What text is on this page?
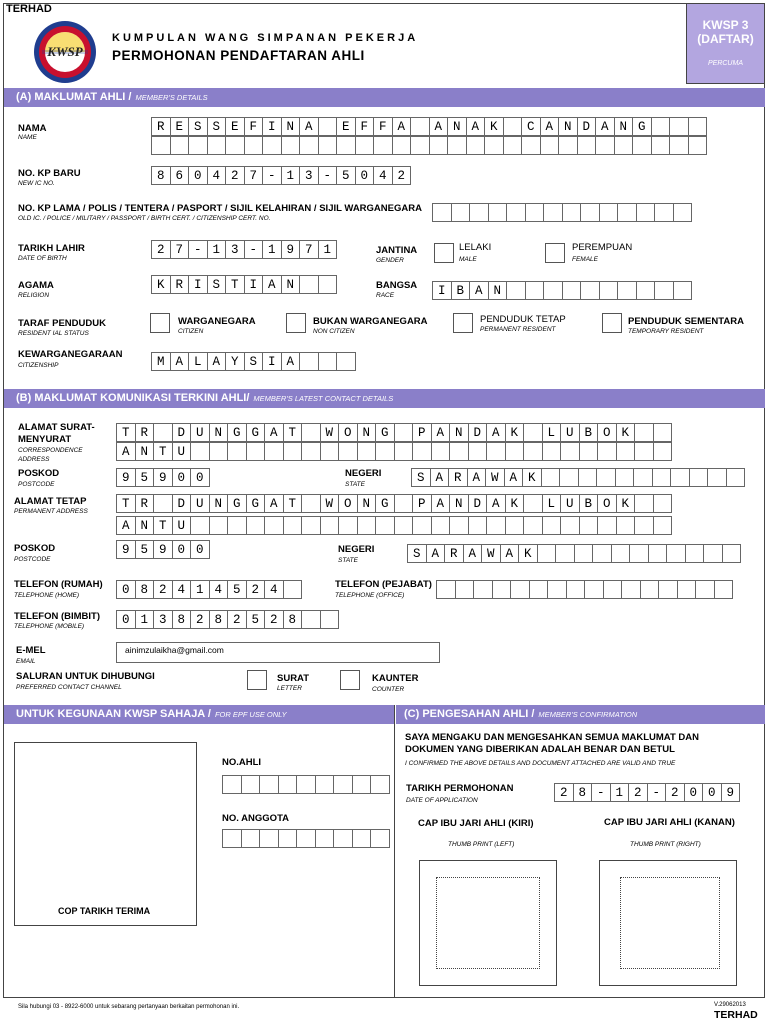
TERHAD
KWSP
KUMPULAN WANG SIMPANAN PEKERJA
PERMOHONAN PENDAFTARAN AHLI
KWSP 3
(DAFTAR)
PERCUMA
(A) MAKLUMAT AHLI / MEMBER'S DETAILS
NAMA
NAME
R E S S E F I N A	E F F A	A N A K	C A N D A N G
NO. KP BARU
NEW IC NO.
8 6 0 4 2 7 - 1 3 - 5 0 4 2
NO. KP LAMA / POLIS / TENTERA / PASPORT / SIJIL KELAHIRAN / SIJIL WARGANEGARA
OLD IC. / POLICE / MILITARY / PASSPORT / BIRTH CERT. / CITIZENSHIP CERT. NO.
TARIKH LAHIR
DATE OF BIRTH
2 7 - 1 3 - 1 9 7 1	JANTINA
GENDER
LELAKI
MALE
PEREMPUAN
FEMALE
AGAMA
RELIGION
K R I S T I A N	BANGSA
RACE	I B A N
TARAF PENDUDUK
RESIDENT IAL STATUS
WARGANEGARA
CITIZEN
BUKAN WARGANEGARA
NON CITIZEN
PENDUDUK TETAP
PERMANENT RESIDENT
PENDUDUK SEMENTARA
TEMPORARY RESIDENT
KEWARGANEGARAAN
CITIZENSHIP	M A L A Y S I A
(B) MAKLUMAT KOMUNIKASI TERKINI AHLI/ MEMBER'S LATEST CONTACT DETAILS
ALAMAT SURAT-
MENYURAT
CORRESPONDENCE
ADDRESS
T R	D U N G G A T	W O N G	P A N D A K	L U B O K
A N T U
POSKOD
POSTCODE	9 5 9 0 0	NEGERI
STATE	S A R A W A K
ALAMAT TETAP
PERMANENT ADDRESS
T R	D U N G G A T	W O N G	P A N D A K	L U B O K
A N T U
POSKOD
POSTCODE
9 5 9 0 0	NEGERI
STATE	S A R A W A K
TELEFON (RUMAH)
TELEPHONE (HOME)	0 8 2 4 1 4 5 2 4	TELEFON (PEJABAT)
TELEPHONE (OFFICE)
TELEFON (BIMBIT)
TELEPHONE (MOBILE)	0 1 3 8 2 8 2 5 2 8
E-MEL
EMAIL
ainimzulaikha@gmail.com
SALURAN UNTUK DIHUBUNGI
PREFERRED CONTACT CHANNEL
SURAT
LETTER
KAUNTER
COUNTER
UNTUK KEGUNAAN KWSP SAHAJA / FOR EPF USE ONLY	(C) PENGESAHAN AHLI / MEMBER'S CONFIRMATION
COP TARIKH TERIMA
NO.AHLI
NO. ANGGOTA
SAYA MENGAKU DAN MENGESAHKAN SEMUA MAKLUMAT DAN
DOKUMEN YANG DIBERIKAN ADALAH BENAR DAN BETUL
I CONFIRMED THE ABOVE DETAILS AND DOCUMENT ATTACHED ARE VALID AND TRUE
TARIKH PERMOHONAN
DATE OF APPLICATION
2 8 - 1 2 - 2 0 0 9
CAP IBU JARI AHLI (KIRI)
THUMB PRINT (LEFT)
CAP IBU JARI AHLI (KANAN)
THUMB PRINT (RIGHT)
Sila hubungi 03 - 8922-6000 untuk sebarang pertanyaan berkaitan permohonan ini.	V.29062013
TERHAD
